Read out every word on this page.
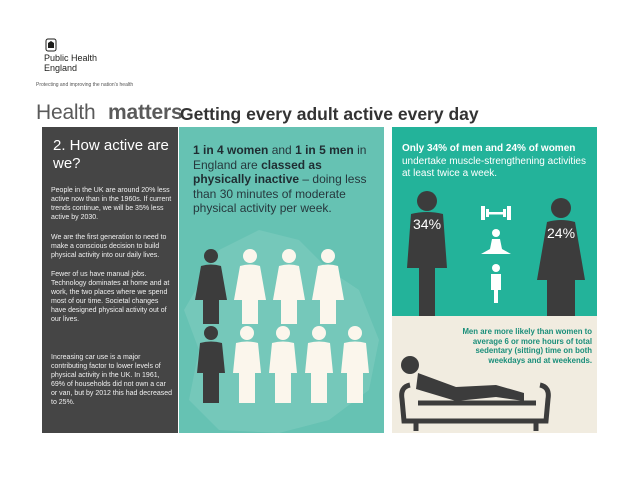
Public Health
England
Protecting and improving the nation's health
Health matters
Getting every adult active every day
2. How active are we?
People in the UK are around 20% less active now than in the 1960s. If current trends continue, we will be 35% less active by 2030.
We are the first generation to need to make a conscious decision to build physical activity into our daily lives.
Fewer of us have manual jobs. Technology dominates at home and at work, the two places where we spend most of our time. Societal changes have designed physical activity out of our lives.
Increasing car use is a major contributing factor to lower levels of physical activity in the UK. In 1961, 69% of households did not own a car or van, but by 2012 this had decreased to 25%.
1 in 4 women and 1 in 5 men in England are classed as physically inactive – doing less than 30 minutes of moderate physical activity per week.
Only 34% of men and 24% of women undertake muscle-strengthening activities at least twice a week.
34%
24%
Men are more likely than women to average 6 or more hours of total sedentary (sitting) time on both weekdays and at weekends.
